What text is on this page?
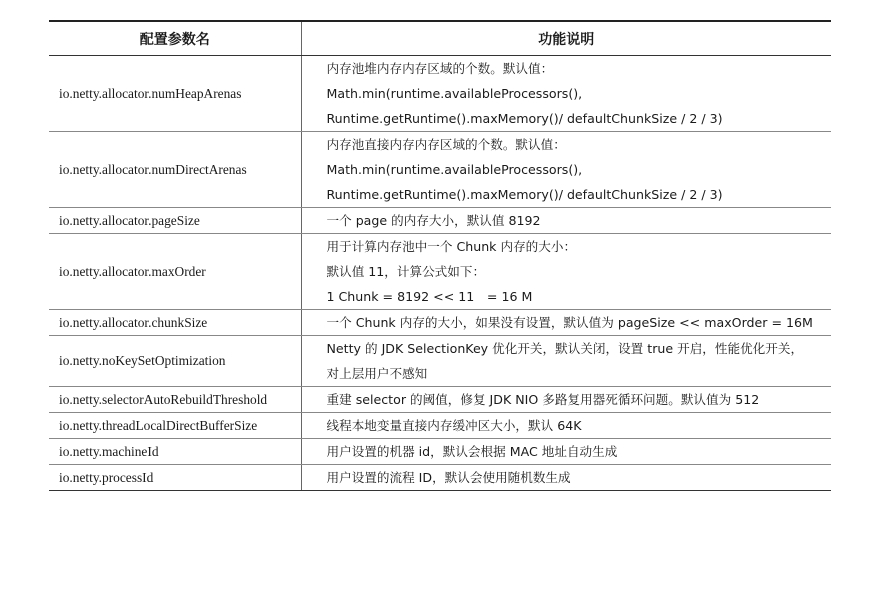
配置参数名	功能说明
io.netty.allocator.numHeapArenas	内存池堆内存内存区域的个数。默认值：
Math.min(runtime.availableProcessors(),
Runtime.getRuntime().maxMemory()/ defaultChunkSize / 2 / 3)

io.netty.allocator.numDirectArenas	内存池直接内存内存区域的个数。默认值：
Math.min(runtime.availableProcessors(),
Runtime.getRuntime().maxMemory()/ defaultChunkSize / 2 / 3)

io.netty.allocator.pageSize	一个 page 的内存大小，默认值 8192

io.netty.allocator.maxOrder	用于计算内存池中一个 Chunk 内存的大小：
默认值 11，计算公式如下：
1 Chunk = 8192 << 11　= 16 M

io.netty.allocator.chunkSize	一个 Chunk 内存的大小，如果没有设置，默认值为 pageSize << maxOrder = 16M

io.netty.noKeySetOptimization	Netty 的 JDK SelectionKey 优化开关，默认关闭，设置 true 开启，性能优化开关，
对上层用户不感知

io.netty.selectorAutoRebuildThreshold	重建 selector 的阈值，修复 JDK NIO 多路复用器死循环问题。默认值为 512

io.netty.threadLocalDirectBufferSize	线程本地变量直接内存缓冲区大小，默认 64K

io.netty.machineId	用户设置的机器 id，默认会根据 MAC 地址自动生成

io.netty.processId	用户设置的流程 ID，默认会使用随机数生成
